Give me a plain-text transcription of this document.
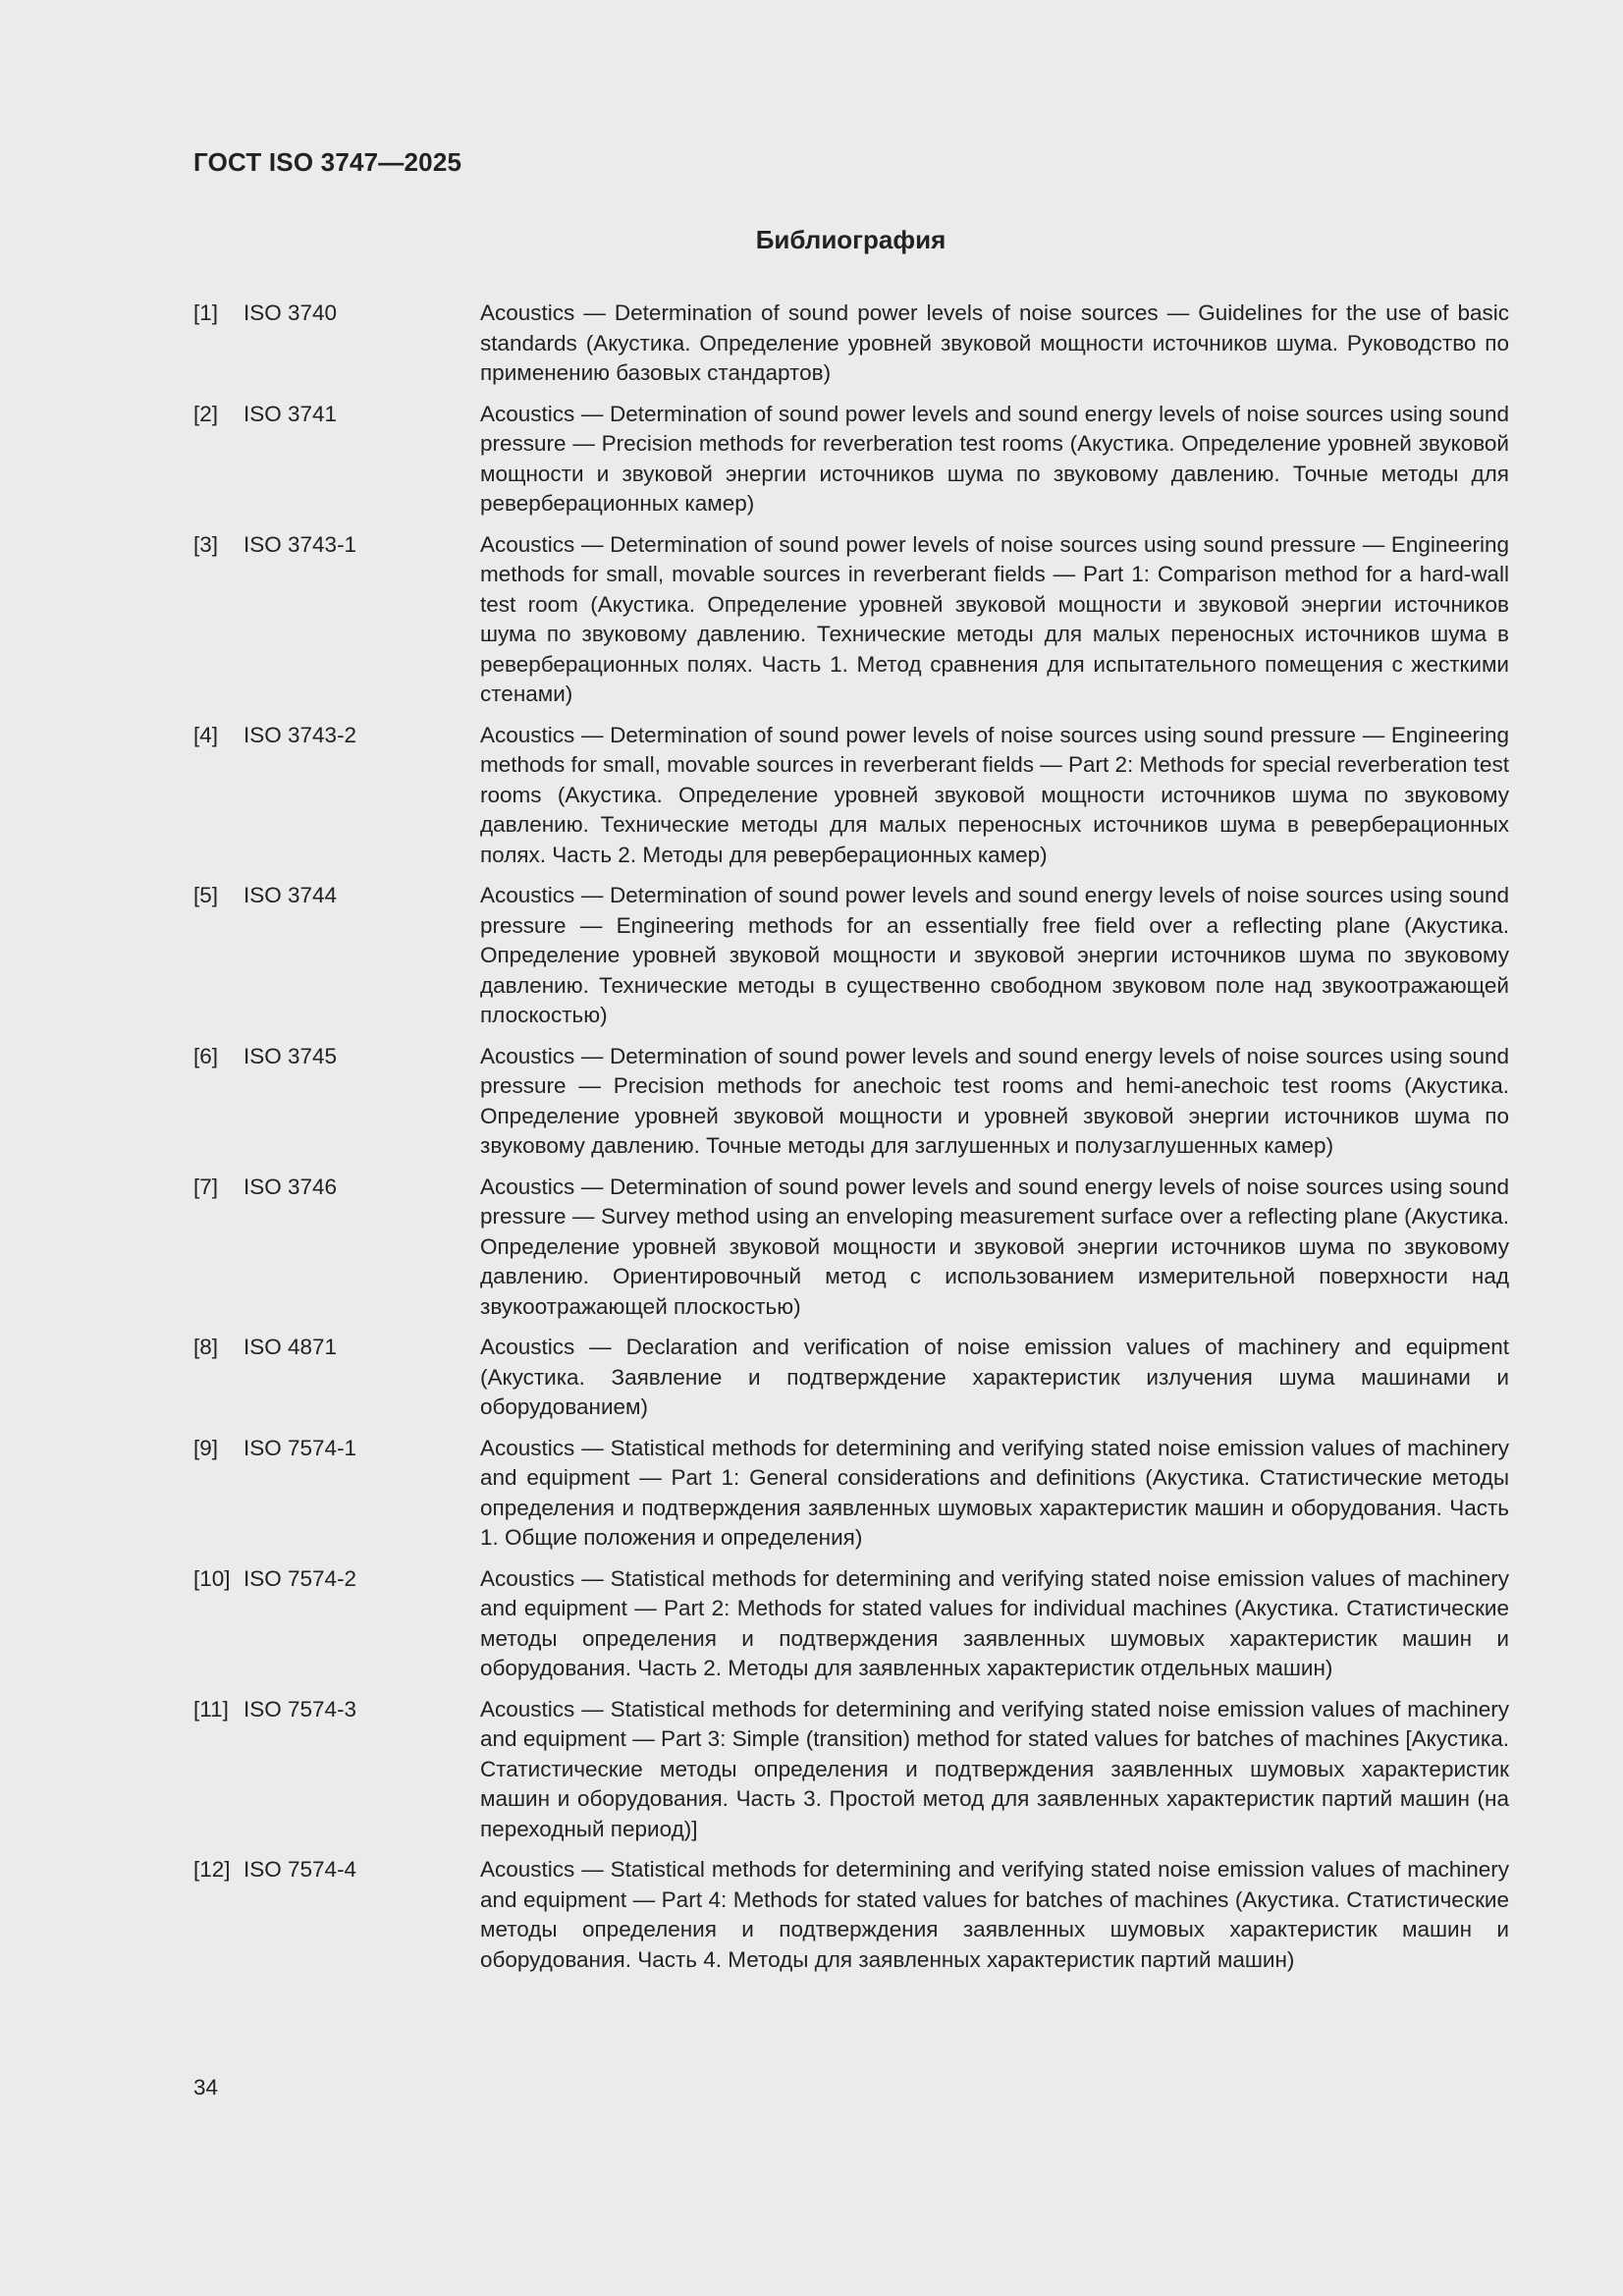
ГОСТ ISO 3747—2025
Библиография
[1] ISO 3740	Acoustics — Determination of sound power levels of noise sources — Guidelines for the use of basic standards (Акустика. Определение уровней звуковой мощности источников шума. Руководство по применению базовых стандартов)
[2] ISO 3741	Acoustics — Determination of sound power levels and sound energy levels of noise sources using sound pressure — Precision methods for reverberation test rooms (Акустика. Определение уровней звуковой мощности и звуковой энергии источников шума по звуковому давлению. Точные методы для реверберационных камер)
[3] ISO 3743-1	Acoustics — Determination of sound power levels of noise sources using sound pressure — Engineering methods for small, movable sources in reverberant fields — Part 1: Comparison method for a hard-wall test room (Акустика. Определение уровней звуковой мощности и звуковой энергии источников шума по звуковому давлению. Технические методы для малых переносных источников шума в реверберационных полях. Часть 1. Метод сравнения для испытательного помещения с жесткими стенами)
[4] ISO 3743-2	Acoustics — Determination of sound power levels of noise sources using sound pressure — Engineering methods for small, movable sources in reverberant fields — Part 2: Methods for special reverberation test rooms (Акустика. Определение уровней звуковой мощности источников шума по звуковому давлению. Технические методы для малых переносных источников шума в реверберационных полях. Часть 2. Методы для реверберационных камер)
[5] ISO 3744	Acoustics — Determination of sound power levels and sound energy levels of noise sources using sound pressure — Engineering methods for an essentially free field over a reflecting plane (Акустика. Определение уровней звуковой мощности и звуковой энергии источников шума по звуковому давлению. Технические методы в существенно свободном звуковом поле над звукоотражающей плоскостью)
[6] ISO 3745	Acoustics — Determination of sound power levels and sound energy levels of noise sources using sound pressure — Precision methods for anechoic test rooms and hemi-anechoic test rooms (Акустика. Определение уровней звуковой мощности и уровней звуковой энергии источников шума по звуковому давлению. Точные методы для заглушенных и полузаглушенных камер)
[7] ISO 3746	Acoustics — Determination of sound power levels and sound energy levels of noise sources using sound pressure — Survey method using an enveloping measurement surface over a reflecting plane (Акустика. Определение уровней звуковой мощности и звуковой энергии источников шума по звуковому давлению. Ориентировочный метод с использованием измерительной поверхности над звукоотражающей плоскостью)
[8] ISO 4871	Acoustics — Declaration and verification of noise emission values of machinery and equipment (Акустика. Заявление и подтверждение характеристик излучения шума машинами и оборудованием)
[9] ISO 7574-1	Acoustics — Statistical methods for determining and verifying stated noise emission values of machinery and equipment — Part 1: General considerations and definitions (Акустика. Статистические методы определения и подтверждения заявленных шумовых характеристик машин и оборудования. Часть 1. Общие положения и определения)
[10] ISO 7574-2	Acoustics — Statistical methods for determining and verifying stated noise emission values of machinery and equipment — Part 2: Methods for stated values for individual machines (Акустика. Статистические методы определения и подтверждения заявленных шумовых характеристик машин и оборудования. Часть 2. Методы для заявленных характеристик отдельных машин)
[11] ISO 7574-3	Acoustics — Statistical methods for determining and verifying stated noise emission values of machinery and equipment — Part 3: Simple (transition) method for stated values for batches of machines [Акустика. Статистические методы определения и подтверждения заявленных шумовых характеристик машин и оборудования. Часть 3. Простой метод для заявленных характеристик партий машин (на переходный период)]
[12] ISO 7574-4	Acoustics — Statistical methods for determining and verifying stated noise emission values of machinery and equipment — Part 4: Methods for stated values for batches of machines (Акустика. Статистические методы определения и подтверждения заявленных шумовых характеристик машин и оборудования. Часть 4. Методы для заявленных характеристик партий машин)
34
